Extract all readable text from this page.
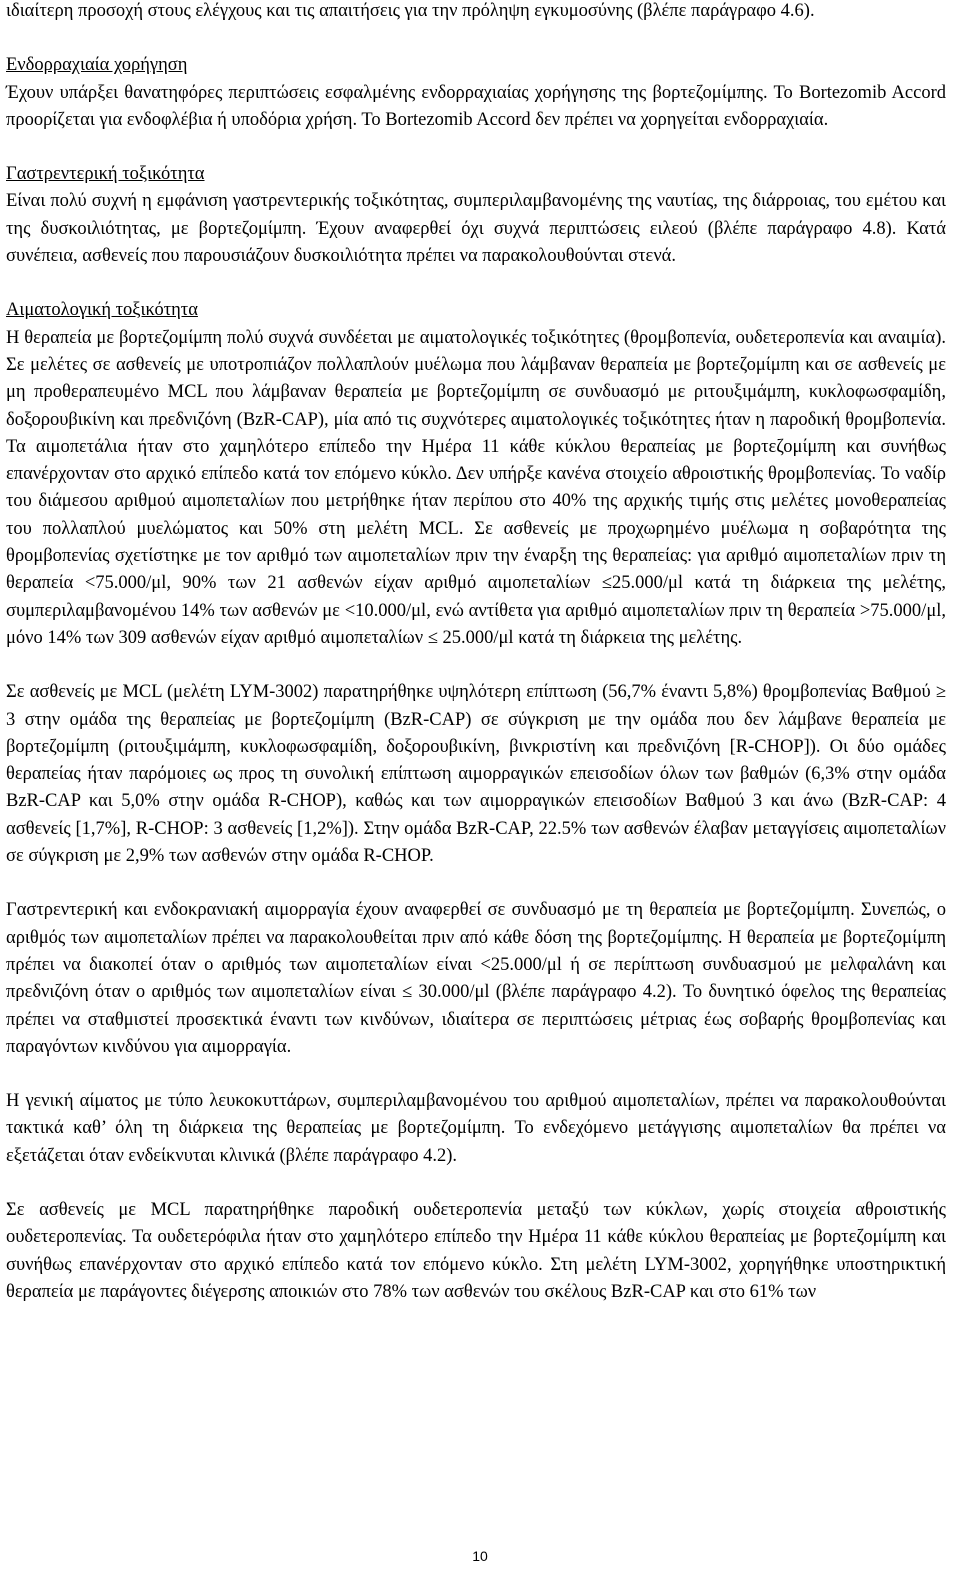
ιδιαίτερη προσοχή στους ελέγχους και τις απαιτήσεις για την πρόληψη εγκυμοσύνης (βλέπε παράγραφο 4.6).

Ενδορραχιαία χορήγηση

Έχουν υπάρξει θανατηφόρες περιπτώσεις εσφαλμένης ενδορραχιαίας χορήγησης της βορτεζομίμπης. Το Bortezomib Accord προορίζεται για ενδοφλέβια ή υποδόρια χρήση. Το Bortezomib Accord δεν πρέπει να χορηγείται ενδορραχιαία.

Γαστρεντερική τοξικότητα

Είναι πολύ συχνή η εμφάνιση γαστρεντερικής τοξικότητας, συμπεριλαμβανομένης της ναυτίας, της διάρροιας, του εμέτου και της δυσκοιλιότητας, με βορτεζομίμπη. Έχουν αναφερθεί όχι συχνά περιπτώσεις ειλεού (βλέπε παράγραφο 4.8). Κατά συνέπεια, ασθενείς που παρουσιάζουν δυσκοιλιότητα πρέπει να παρακολουθούνται στενά.

Αιματολογική τοξικότητα

Η θεραπεία με βορτεζομίμπη πολύ συχνά συνδέεται με αιματολογικές τοξικότητες (θρομβοπενία, ουδετεροπενία και αναιμία). Σε μελέτες σε ασθενείς με υποτροπιάζον πολλαπλούν μυέλωμα που λάμβαναν θεραπεία με βορτεζομίμπη και σε ασθενείς με μη προθεραπευμένο MCL που λάμβαναν θεραπεία με βορτεζομίμπη σε συνδυασμό με ριτουξιμάμπη, κυκλοφωσφαμίδη, δοξορουβικίνη και πρεδνιζόνη (BzR-CAP), μία από τις συχνότερες αιματολογικές τοξικότητες ήταν η παροδική θρομβοπενία. Τα αιμοπετάλια ήταν στο χαμηλότερο επίπεδο την Ημέρα 11 κάθε κύκλου θεραπείας με βορτεζομίμπη και συνήθως επανέρχονταν στο αρχικό επίπεδο κατά τον επόμενο κύκλο. Δεν υπήρξε κανένα στοιχείο αθροιστικής θρομβοπενίας. Το ναδίρ του διάμεσου αριθμού αιμοπεταλίων που μετρήθηκε ήταν περίπου στο 40% της αρχικής τιμής στις μελέτες μονοθεραπείας του πολλαπλού μυελώματος και 50% στη μελέτη MCL. Σε ασθενείς με προχωρημένο μυέλωμα η σοβαρότητα της θρομβοπενίας σχετίστηκε με τον αριθμό των αιμοπεταλίων πριν την έναρξη της θεραπείας: για αριθμό αιμοπεταλίων πριν τη θεραπεία <75.000/μl, 90% των 21 ασθενών είχαν αριθμό αιμοπεταλίων ≤25.000/μl κατά τη διάρκεια της μελέτης, συμπεριλαμβανομένου 14% των ασθενών με <10.000/μl, ενώ αντίθετα για αριθμό αιμοπεταλίων πριν τη θεραπεία >75.000/μl, μόνο 14% των 309 ασθενών είχαν αριθμό αιμοπεταλίων ≤ 25.000/μl κατά τη διάρκεια της μελέτης.

Σε ασθενείς με MCL (μελέτη LYM-3002) παρατηρήθηκε υψηλότερη επίπτωση (56,7% έναντι 5,8%) θρομβοπενίας Βαθμού ≥ 3 στην ομάδα της θεραπείας με βορτεζομίμπη (BzR-CAP) σε σύγκριση με την ομάδα που δεν λάμβανε θεραπεία με βορτεζομίμπη (ριτουξιμάμπη, κυκλοφωσφαμίδη, δοξορουβικίνη, βινκριστίνη και πρεδνιζόνη [R-CHOP]). Οι δύο ομάδες θεραπείας ήταν παρόμοιες ως προς τη συνολική επίπτωση αιμορραγικών επεισοδίων όλων των βαθμών (6,3% στην ομάδα BzR-CAP και 5,0% στην ομάδα R-CHOP), καθώς και των αιμορραγικών επεισοδίων Βαθμού 3 και άνω (BzR-CAP: 4 ασθενείς [1,7%], R-CHOP: 3 ασθενείς [1,2%]). Στην ομάδα BzR-CAP, 22.5% των ασθενών έλαβαν μεταγγίσεις αιμοπεταλίων σε σύγκριση με 2,9% των ασθενών στην ομάδα R-CHOP.

Γαστρεντερική και ενδοκρανιακή αιμορραγία έχουν αναφερθεί σε συνδυασμό με τη θεραπεία με βορτεζομίμπη. Συνεπώς, ο αριθμός των αιμοπεταλίων πρέπει να παρακολουθείται πριν από κάθε δόση της βορτεζομίμπης. Η θεραπεία με βορτεζομίμπη πρέπει να διακοπεί όταν ο αριθμός των αιμοπεταλίων είναι <25.000/μl ή σε περίπτωση συνδυασμού με μελφαλάνη και πρεδνιζόνη όταν ο αριθμός των αιμοπεταλίων είναι ≤ 30.000/μl (βλέπε παράγραφο 4.2). Το δυνητικό όφελος της θεραπείας πρέπει να σταθμιστεί προσεκτικά έναντι των κινδύνων, ιδιαίτερα σε περιπτώσεις μέτριας έως σοβαρής θρομβοπενίας και παραγόντων κινδύνου για αιμορραγία.

Η γενική αίματος με τύπο λευκοκυττάρων, συμπεριλαμβανομένου του αριθμού αιμοπεταλίων, πρέπει να παρακολουθούνται τακτικά καθ’ όλη τη διάρκεια της θεραπείας με βορτεζομίμπη. Το ενδεχόμενο μετάγγισης αιμοπεταλίων θα πρέπει να εξετάζεται όταν ενδείκνυται κλινικά (βλέπε παράγραφο 4.2).

Σε ασθενείς με MCL παρατηρήθηκε παροδική ουδετεροπενία μεταξύ των κύκλων, χωρίς στοιχεία αθροιστικής ουδετεροπενίας. Τα ουδετερόφιλα ήταν στο χαμηλότερο επίπεδο την Ημέρα 11 κάθε κύκλου θεραπείας με βορτεζομίμπη και συνήθως επανέρχονταν στο αρχικό επίπεδο κατά τον επόμενο κύκλο. Στη μελέτη LYM-3002, χορηγήθηκε υποστηρικτική θεραπεία με παράγοντες διέγερσης αποικιών στο 78% των ασθενών του σκέλους BzR-CAP και στο 61% των

10
